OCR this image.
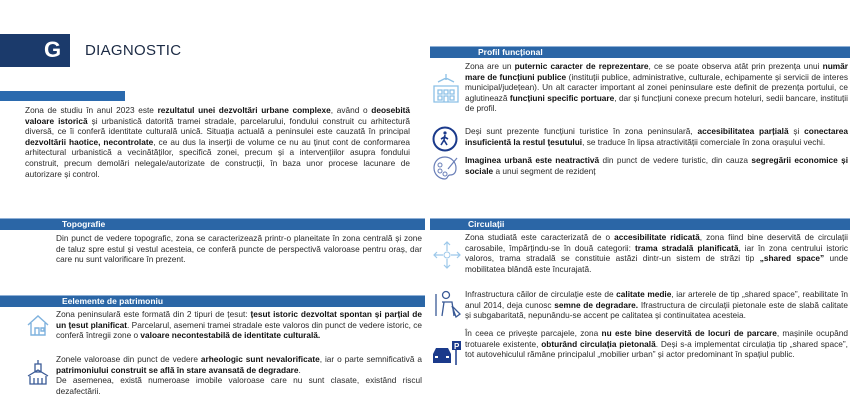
G DIAGNOSTIC
Zona de studiu în anul 2023 este rezultatul unei dezvoltări urbane complexe, având o deosebită valoare istorică și urbanistică datorită tramei stradale, parcelarului, fondului construit cu arhitectură diversă, ce îi conferă identitate culturală unică. Situația actuală a peninsulei este cauzată în principal dezvoltării haotice, necontrolate, ce au dus la inserții de volume ce nu au ținut cont de conformarea arhitectural urbanistică a vecinătăților, specifică zonei, precum și a intervențiilor asupra fondului construit, precum demolări nelegale/autorizate de construcții, în baza unor procese lacunare de autorizare și control.
Topografie
Din punct de vedere topografic, zona se caracterizează printr-o planeitate în zona centrală și zone de taluz spre estul și vestul acesteia, ce conferă puncte de perspectivă valoroase pentru oraș, dar care nu sunt valorificare în prezent.
Eelemente de patrimoniu
Zona peninsulară este formată din 2 tipuri de țesut: țesut istoric dezvoltat spontan și parțial de un țesut planificat. Parcelarul, asemeni tramei stradale este valoros din punct de vedere istoric, ce conferă întregii zone o valoare necontestabilă de identitate culturală.
Zonele valoroase din punct de vedere arheologic sunt nevalorificate, iar o parte semnificativă a patrimoniului construit se află în stare avansată de degradare.
De asemenea, există numeroase imobile valoroase care nu sunt clasate, existând riscul dezafectării.
Profil funcțional
Zona are un puternic caracter de reprezentare, ce se poate observa atât prin prezența unui număr mare de funcțiuni publice (instituții publice, administrative, culturale, echipamente și servicii de interes municipal/județean). Un alt caracter important al zonei peninsulare este definit de prezența portului, ce aglutinează funcțiuni specific portuare, dar și funcțiuni conexe precum hoteluri, sedii bancare, instituții de profil.
Deși sunt prezente funcțiuni turistice în zona peninsulară, accesibilitatea parțială și conectarea insuficientă la restul țesutului, se traduce în lipsa atractivității comerciale în zona orașului vechi.
Imaginea urbană este neatractivă din punct de vedere turistic, din cauza segregării economice și sociale a unui segment de rezidenț
Circulații
Zona studiată este caracterizată de o accesibilitate ridicată, zona fiind bine deservită de circulații carosabile, împărțindu-se în două categorii: trama stradală planificată, iar în zona centrului istoric valoros, trama stradală se constituie astăzi dintr-un sistem de străzi tip „shared space” unde mobilitatea blândă este încurajată.
Infrastructura căilor de circulație este de calitate medie, iar arterele de tip „shared space”, reabilitate în anul 2014, deja cunosc semne de degradare. Ifrastructura de circulații pietonale este de slabă calitate și subgabaritată, nepunându-se accent pe calitatea și continuitatea acesteia.
P
În ceea ce privește parcajele, zona nu este bine deservită de locuri de parcare, mașinile ocupând trotuarele existente, obturând circulația pietonală. Deși s-a implementat circulația tip „shared space”, tot autovehiculul rămâne principalul „mobilier urban” și actor predominant în spațiul public.
